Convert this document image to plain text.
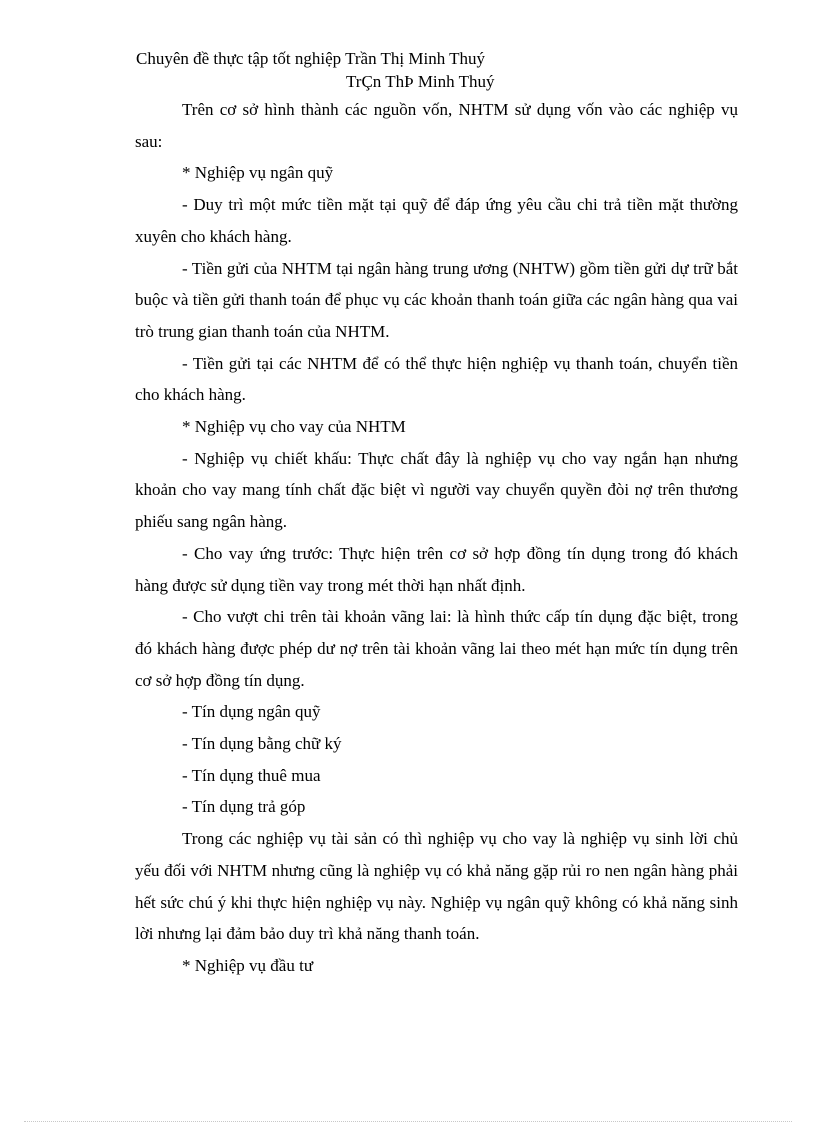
Chuyên đề thực tập tốt nghiệp Trần Thị Minh Thuý
TrÇn ThÞ Minh Thuý

Trên cơ sở hình thành các nguồn vốn, NHTM sử dụng vốn vào các nghiệp vụ sau:

* Nghiệp vụ ngân quỹ

- Duy trì một mức tiền mặt tại quỹ để đáp ứng yêu cầu chi trả tiền mặt thường xuyên cho khách hàng.

- Tiền gửi của NHTM tại ngân hàng trung ương (NHTW) gồm tiền gửi dự trữ bắt buộc và tiền gửi thanh toán để phục vụ các khoản thanh toán giữa các ngân hàng qua vai trò trung gian thanh toán của NHTM.

- Tiền gửi tại các NHTM để có thể thực hiện nghiệp vụ thanh toán, chuyển tiền cho khách hàng.

* Nghiệp vụ cho vay của NHTM

- Nghiệp vụ chiết khấu: Thực chất đây là nghiệp vụ cho vay ngắn hạn nhưng khoản cho vay mang tính chất đặc biệt vì người vay chuyển quyền đòi nợ trên thương phiếu sang ngân hàng.

- Cho vay ứng trước: Thực hiện trên cơ sở hợp đồng tín dụng trong đó khách hàng được sử dụng tiền vay trong mét thời hạn nhất định.

- Cho vượt chi trên tài khoản vãng lai: là hình thức cấp tín dụng đặc biệt, trong đó khách hàng được phép dư nợ trên tài khoản vãng lai theo mét hạn mức tín dụng trên cơ sở hợp đồng tín dụng.

- Tín dụng ngân quỹ

- Tín dụng bằng chữ ký

- Tín dụng thuê mua

- Tín dụng trả góp

Trong các nghiệp vụ tài sản có thì nghiệp vụ cho vay là nghiệp vụ sinh lời chủ yếu đối với NHTM nhưng cũng là nghiệp vụ có khả năng gặp rủi ro nen ngân hàng phải hết sức chú ý khi thực hiện nghiệp vụ này. Nghiệp vụ ngân quỹ không có khả năng sinh lời nhưng lại đảm bảo duy trì khả năng thanh toán.

* Nghiệp vụ đầu tư
